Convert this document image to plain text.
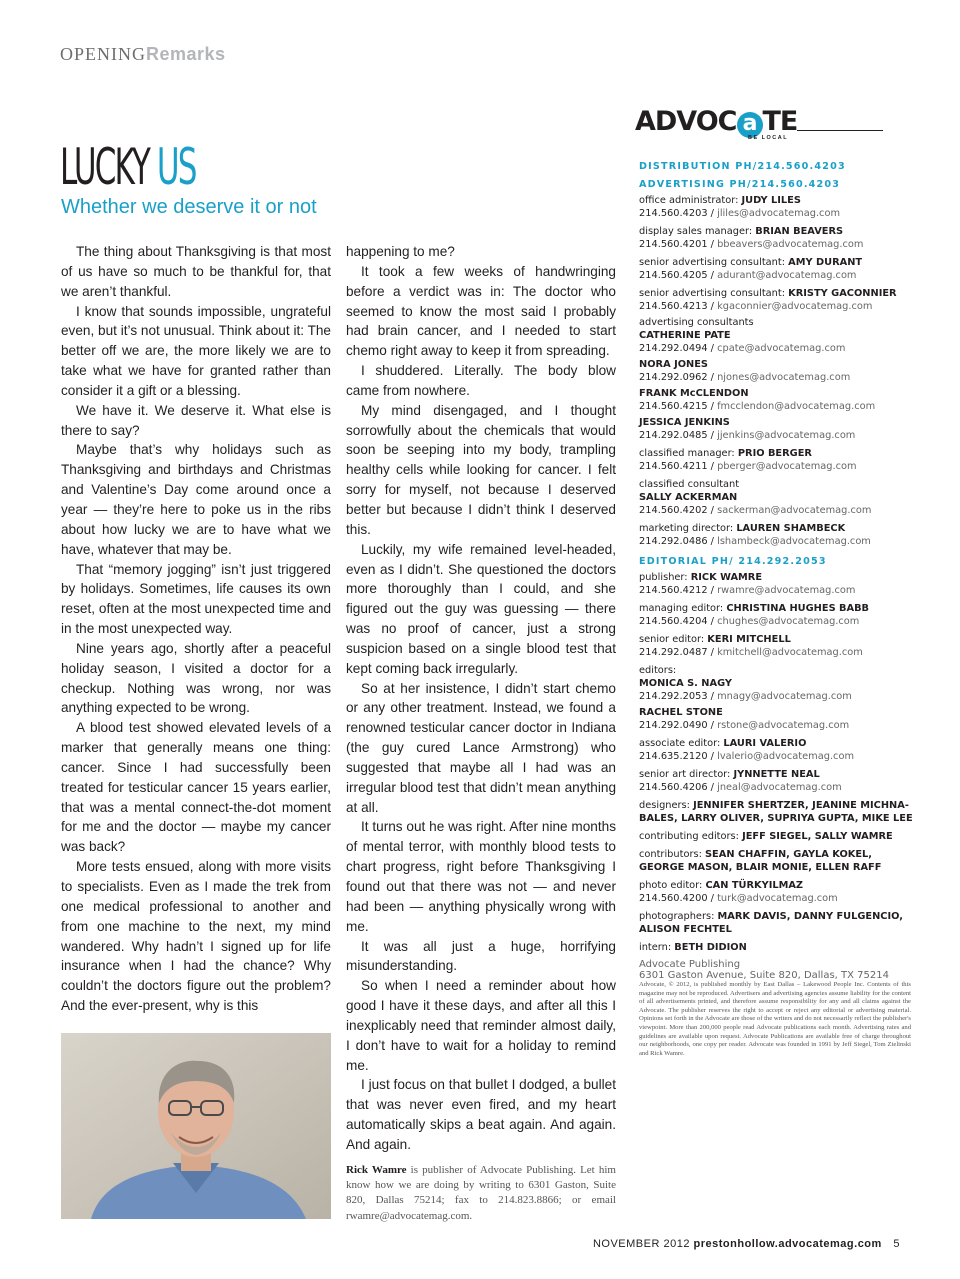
OPENINGRemarks
LUCKY US
Whether we deserve it or not

The thing about Thanksgiving is that most of us have so much to be thankful for, that we aren’t thankful.

I know that sounds impossible, ungrateful even, but it’s not unusual. Think about it: The better off we are, the more likely we are to take what we have for granted rather than consider it a gift or a blessing.

We have it. We deserve it. What else is there to say?

Maybe that’s why holidays such as Thanksgiving and birthdays and Christmas and Valentine’s Day come around once a year — they’re here to poke us in the ribs about how lucky we are to have what we have, whatever that may be.

That “memory jogging” isn’t just triggered by holidays. Sometimes, life causes its own reset, often at the most unexpected time and in the most unexpected way.

Nine years ago, shortly after a peaceful holiday season, I visited a doctor for a checkup. Nothing was wrong, nor was anything expected to be wrong.

A blood test showed elevated levels of a marker that generally means one thing: cancer. Since I had successfully been treated for testicular cancer 15 years earlier, that was a mental connect-the-dot moment for me and the doctor — maybe my cancer was back?

More tests ensued, along with more visits to specialists. Even as I made the trek from one medical professional to another and from one machine to the next, my mind wandered. Why hadn’t I signed up for life insurance when I had the chance? Why couldn’t the doctors figure out the problem? And the ever-present, why is this

happening to me?

It took a few weeks of handwringing before a verdict was in: The doctor who seemed to know the most said I probably had brain cancer, and I needed to start chemo right away to keep it from spreading.

I shuddered. Literally. The body blow came from nowhere.

My mind disengaged, and I thought sorrowfully about the chemicals that would soon be seeping into my body, trampling healthy cells while looking for cancer. I felt sorry for myself, not because I deserved better but because I didn’t think I deserved this.

Luckily, my wife remained level-headed, even as I didn’t. She questioned the doctors more thoroughly than I could, and she figured out the guy was guessing — there was no proof of cancer, just a strong suspicion based on a single blood test that kept coming back irregularly.

So at her insistence, I didn’t start chemo or any other treatment. Instead, we found a renowned testicular cancer doctor in Indiana (the guy cured Lance Armstrong) who suggested that maybe all I had was an irregular blood test that didn’t mean anything at all.

It turns out he was right. After nine months of mental terror, with monthly blood tests to chart progress, right before Thanksgiving I found out that there was not — and never had been — anything physically wrong with me.

It was all just a huge, horrifying misunderstanding.

So when I need a reminder about how good I have it these days, and after all this I inexplicably need that reminder almost daily, I don’t have to wait for a holiday to remind me.

I just focus on that bullet I dodged, a bullet that was never even fired, and my heart automatically skips a beat again. And again. And again.

Rick Wamre is publisher of Advocate Publishing. Let him know how we are doing by writing to 6301 Gaston, Suite 820, Dallas 75214; fax to 214.823.8866; or email rwamre@advocatemag.com.
ADVOC a TE
BE LOCAL
DISTRIBUTION PH/214.560.4203
ADVERTISING PH/214.560.4203
office administrator: JUDY LILES
214.560.4203 / jliles@advocatemag.com
display sales manager: BRIAN BEAVERS
214.560.4201 / bbeavers@advocatemag.com
senior advertising consultant: AMY DURANT
214.560.4205 / adurant@advocatemag.com
senior advertising consultant: KRISTY GACONNIER
214.560.4213 / kgaconnier@advocatemag.com
advertising consultants
CATHERINE PATE
214.292.0494 / cpate@advocatemag.com
NORA JONES
214.292.0962 / njones@advocatemag.com
FRANK McCLENDON
214.560.4215 / fmcclendon@advocatemag.com
JESSICA JENKINS
214.292.0485 / jjenkins@advocatemag.com
classified manager: PRIO BERGER
214.560.4211 / pberger@advocatemag.com
classified consultant
SALLY ACKERMAN
214.560.4202 / sackerman@advocatemag.com
marketing director: LAUREN SHAMBECK
214.292.0486 / lshambeck@advocatemag.com
EDITORIAL PH/ 214.292.2053
publisher: RICK WAMRE
214.560.4212 / rwamre@advocatemag.com
managing editor: CHRISTINA HUGHES BABB
214.560.4204 / chughes@advocatemag.com
senior editor: KERI MITCHELL
214.292.0487 / kmitchell@advocatemag.com
editors:
MONICA S. NAGY
214.292.2053 / mnagy@advocatemag.com
RACHEL STONE
214.292.0490 / rstone@advocatemag.com
associate editor: LAURI VALERIO
214.635.2120 / lvalerio@advocatemag.com
senior art director: JYNNETTE NEAL
214.560.4206 / jneal@advocatemag.com
designers: JENNIFER SHERTZER, JEANINE MICHNA-BALES, LARRY OLIVER, SUPRIYA GUPTA, MIKE LEE
contributing editors: JEFF SIEGEL, SALLY WAMRE
contributors: SEAN CHAFFIN, GAYLA KOKEL, GEORGE MASON, BLAIR MONIE, ELLEN RAFF
photo editor: CAN TÜRKYILMAZ
214.560.4200 / turk@advocatemag.com
photographers: MARK DAVIS, DANNY FULGENCIO, ALISON FECHTEL
intern: BETH DIDION
Advocate Publishing
6301 Gaston Avenue, Suite 820, Dallas, TX 75214
Advocate, © 2012, is published monthly by East Dallas – Lakewood People Inc. Contents of this magazine may not be reproduced. Advertisers and advertising agencies assume liability for the content of all advertisements printed, and therefore assume responsibility for any and all claims against the Advocate. The publisher reserves the right to accept or reject any editorial or advertising material. Opinions set forth in the Advocate are those of the writers and do not necessarily reflect the publisher's viewpoint. More than 200,000 people read Advocate publications each month. Advertising rates and guidelines are available upon request. Advocate Publications are available free of charge throughout our neighborhoods, one copy per reader. Advocate was founded in 1991 by Jeff Siegel, Tom Zielinski and Rick Wamre.
NOVEMBER 2012 prestonhollow.advocatemag.com 5
